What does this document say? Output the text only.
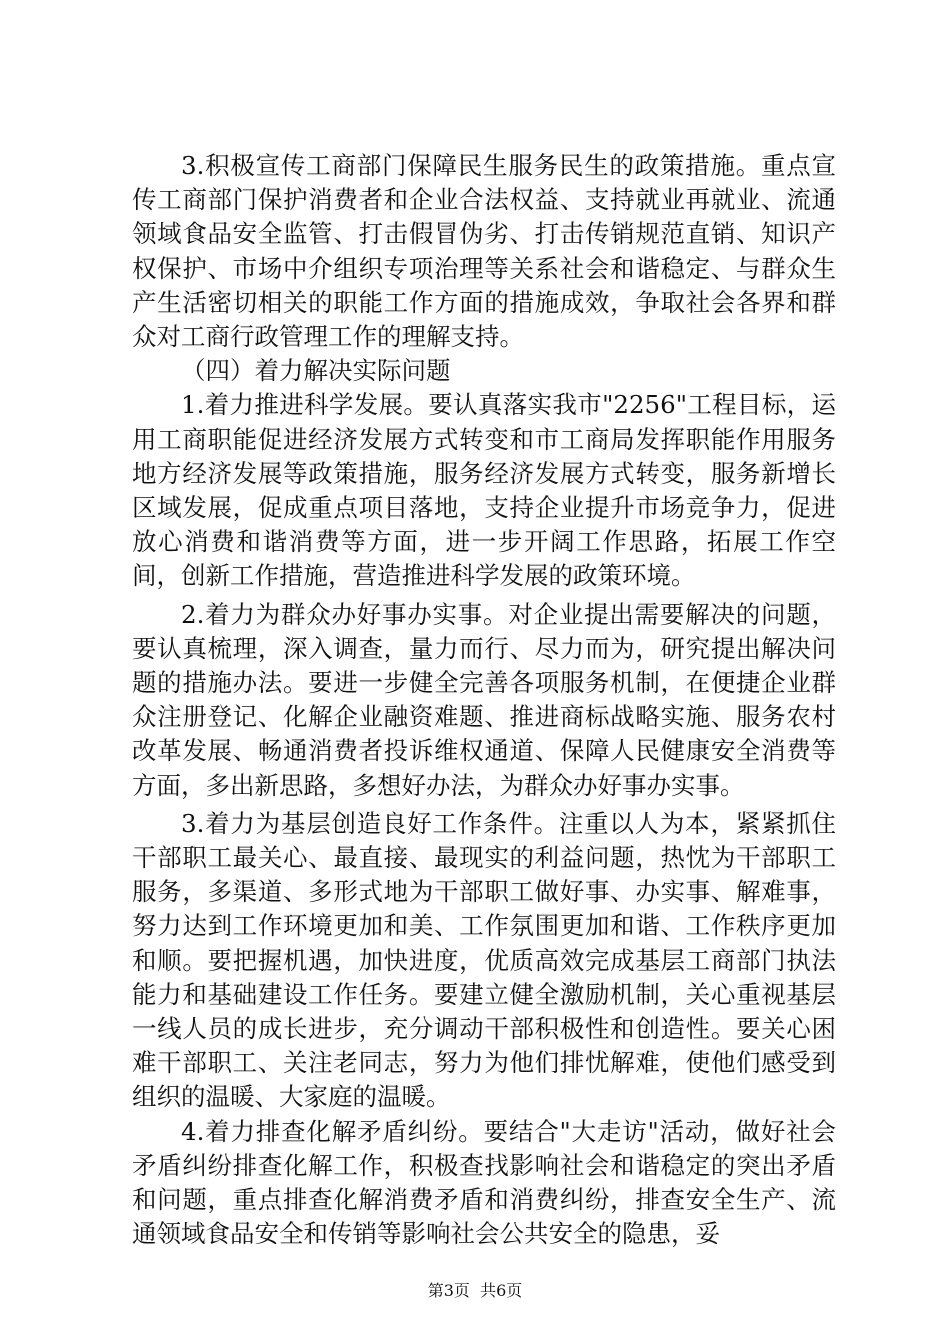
3.积极宣传工商部门保障民生服务民生的政策措施。重点宣传工商部门保护消费者和企业合法权益、支持就业再就业、流通领域食品安全监管、打击假冒伪劣、打击传销规范直销、知识产权保护、市场中介组织专项治理等关系社会和谐稳定、与群众生产生活密切相关的职能工作方面的措施成效，争取社会各界和群众对工商行政管理工作的理解支持。

（四）着力解决实际问题

1.着力推进科学发展。要认真落实我市"2256"工程目标，运用工商职能促进经济发展方式转变和市工商局发挥职能作用服务地方经济发展等政策措施，服务经济发展方式转变，服务新增长区域发展，促成重点项目落地，支持企业提升市场竞争力，促进放心消费和谐消费等方面，进一步开阔工作思路，拓展工作空间，创新工作措施，营造推进科学发展的政策环境。

2.着力为群众办好事办实事。对企业提出需要解决的问题，要认真梳理，深入调查，量力而行、尽力而为，研究提出解决问题的措施办法。要进一步健全完善各项服务机制，在便捷企业群众注册登记、化解企业融资难题、推进商标战略实施、服务农村改革发展、畅通消费者投诉维权通道、保障人民健康安全消费等方面，多出新思路，多想好办法，为群众办好事办实事。

3.着力为基层创造良好工作条件。注重以人为本，紧紧抓住干部职工最关心、最直接、最现实的利益问题，热忱为干部职工服务，多渠道、多形式地为干部职工做好事、办实事、解难事，努力达到工作环境更加和美、工作氛围更加和谐、工作秩序更加和顺。要把握机遇，加快进度，优质高效完成基层工商部门执法能力和基础建设工作任务。要建立健全激励机制，关心重视基层一线人员的成长进步，充分调动干部积极性和创造性。要关心困难干部职工、关注老同志，努力为他们排忧解难，使他们感受到组织的温暖、大家庭的温暖。

4.着力排查化解矛盾纠纷。要结合"大走访"活动，做好社会矛盾纠纷排查化解工作，积极查找影响社会和谐稳定的突出矛盾和问题，重点排查化解消费矛盾和消费纠纷，排查安全生产、流通领域食品安全和传销等影响社会公共安全的隐患，妥

第3页  共6页
